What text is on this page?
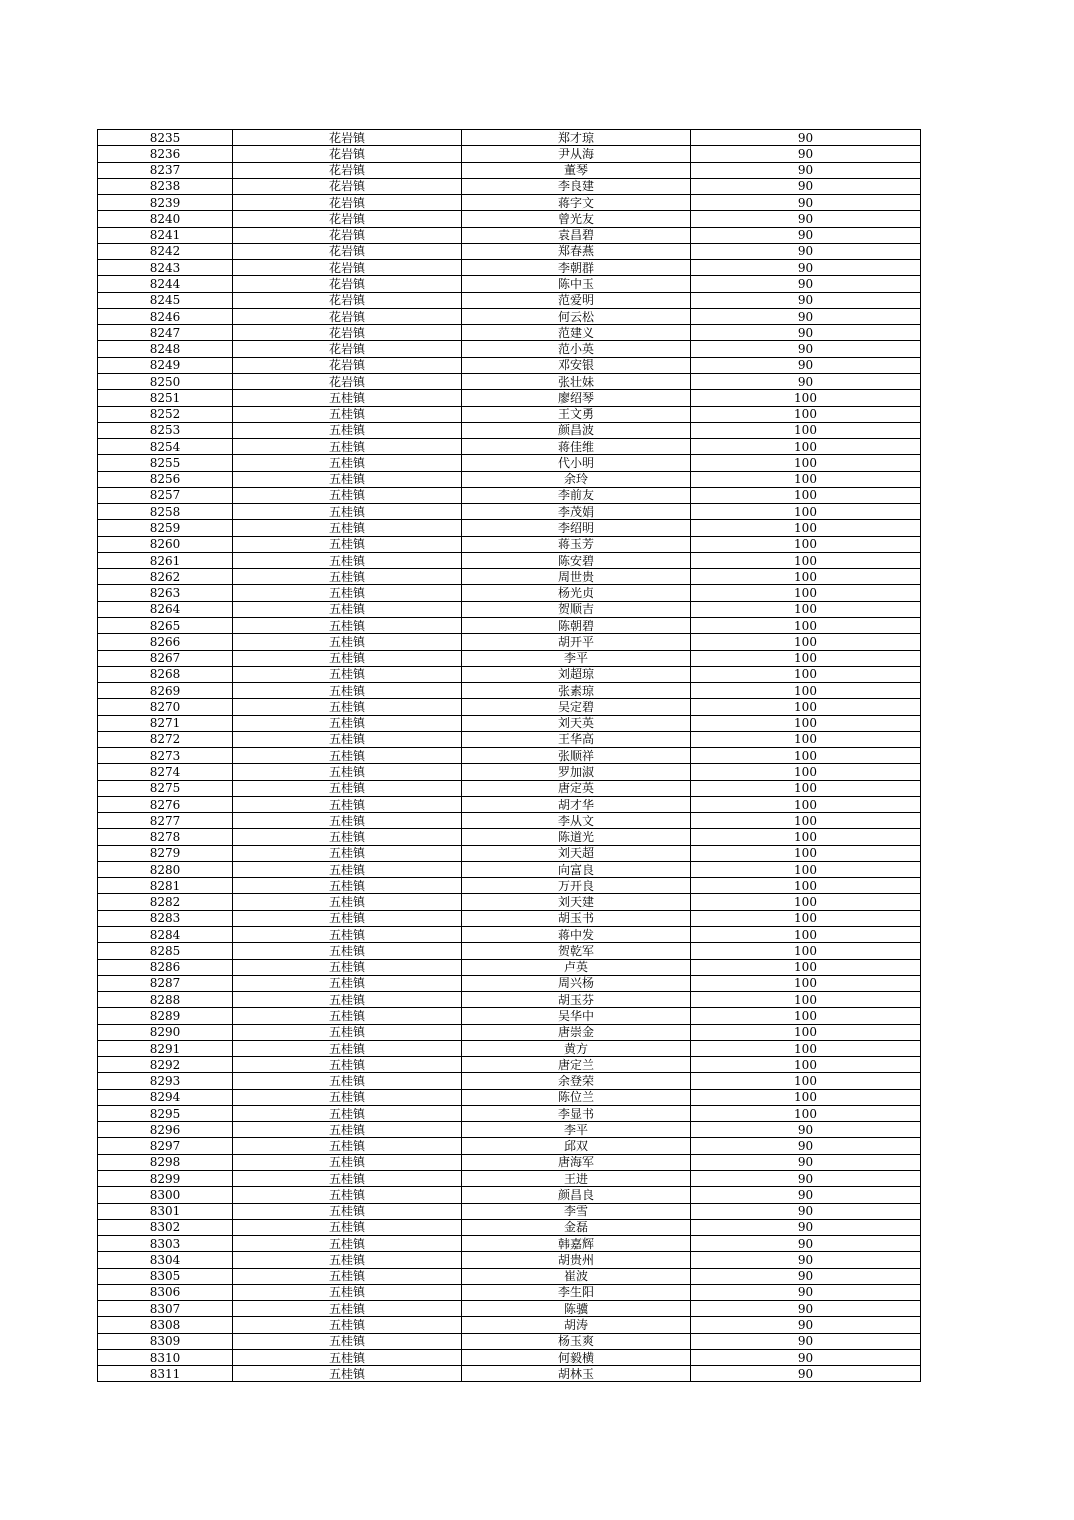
8235	花岩镇	郑才琼	90
8236	花岩镇	尹从海	90
8237	花岩镇	董琴	90
8238	花岩镇	李良建	90
8239	花岩镇	蒋字文	90
8240	花岩镇	曾光友	90
8241	花岩镇	袁昌碧	90
8242	花岩镇	郑春燕	90
8243	花岩镇	李朝群	90
8244	花岩镇	陈中玉	90
8245	花岩镇	范爱明	90
8246	花岩镇	何云松	90
8247	花岩镇	范建义	90
8248	花岩镇	范小英	90
8249	花岩镇	邓安银	90
8250	花岩镇	张壮妹	90
8251	五桂镇	廖绍琴	100
8252	五桂镇	王文勇	100
8253	五桂镇	颜昌波	100
8254	五桂镇	蒋佳维	100
8255	五桂镇	代小明	100
8256	五桂镇	余玲	100
8257	五桂镇	李前友	100
8258	五桂镇	李茂娟	100
8259	五桂镇	李绍明	100
8260	五桂镇	蒋玉芳	100
8261	五桂镇	陈安碧	100
8262	五桂镇	周世贵	100
8263	五桂镇	杨光贞	100
8264	五桂镇	贺顺吉	100
8265	五桂镇	陈朝碧	100
8266	五桂镇	胡开平	100
8267	五桂镇	李平	100
8268	五桂镇	刘超琼	100
8269	五桂镇	张素琼	100
8270	五桂镇	吴定碧	100
8271	五桂镇	刘天英	100
8272	五桂镇	王华高	100
8273	五桂镇	张顺祥	100
8274	五桂镇	罗加淑	100
8275	五桂镇	唐定英	100
8276	五桂镇	胡才华	100
8277	五桂镇	李从文	100
8278	五桂镇	陈道光	100
8279	五桂镇	刘天超	100
8280	五桂镇	向富良	100
8281	五桂镇	万开良	100
8282	五桂镇	刘天建	100
8283	五桂镇	胡玉书	100
8284	五桂镇	蒋中发	100
8285	五桂镇	贺乾军	100
8286	五桂镇	卢英	100
8287	五桂镇	周兴杨	100
8288	五桂镇	胡玉芬	100
8289	五桂镇	吴华中	100
8290	五桂镇	唐崇金	100
8291	五桂镇	黄方	100
8292	五桂镇	唐定兰	100
8293	五桂镇	余登荣	100
8294	五桂镇	陈位兰	100
8295	五桂镇	李显书	100
8296	五桂镇	李平	90
8297	五桂镇	邱双	90
8298	五桂镇	唐海军	90
8299	五桂镇	王进	90
8300	五桂镇	颜昌良	90
8301	五桂镇	李雪	90
8302	五桂镇	金磊	90
8303	五桂镇	韩嘉辉	90
8304	五桂镇	胡贵州	90
8305	五桂镇	崔波	90
8306	五桂镇	李生阳	90
8307	五桂镇	陈骥	90
8308	五桂镇	胡涛	90
8309	五桂镇	杨玉爽	90
8310	五桂镇	何毅横	90
8311	五桂镇	胡林玉	90
